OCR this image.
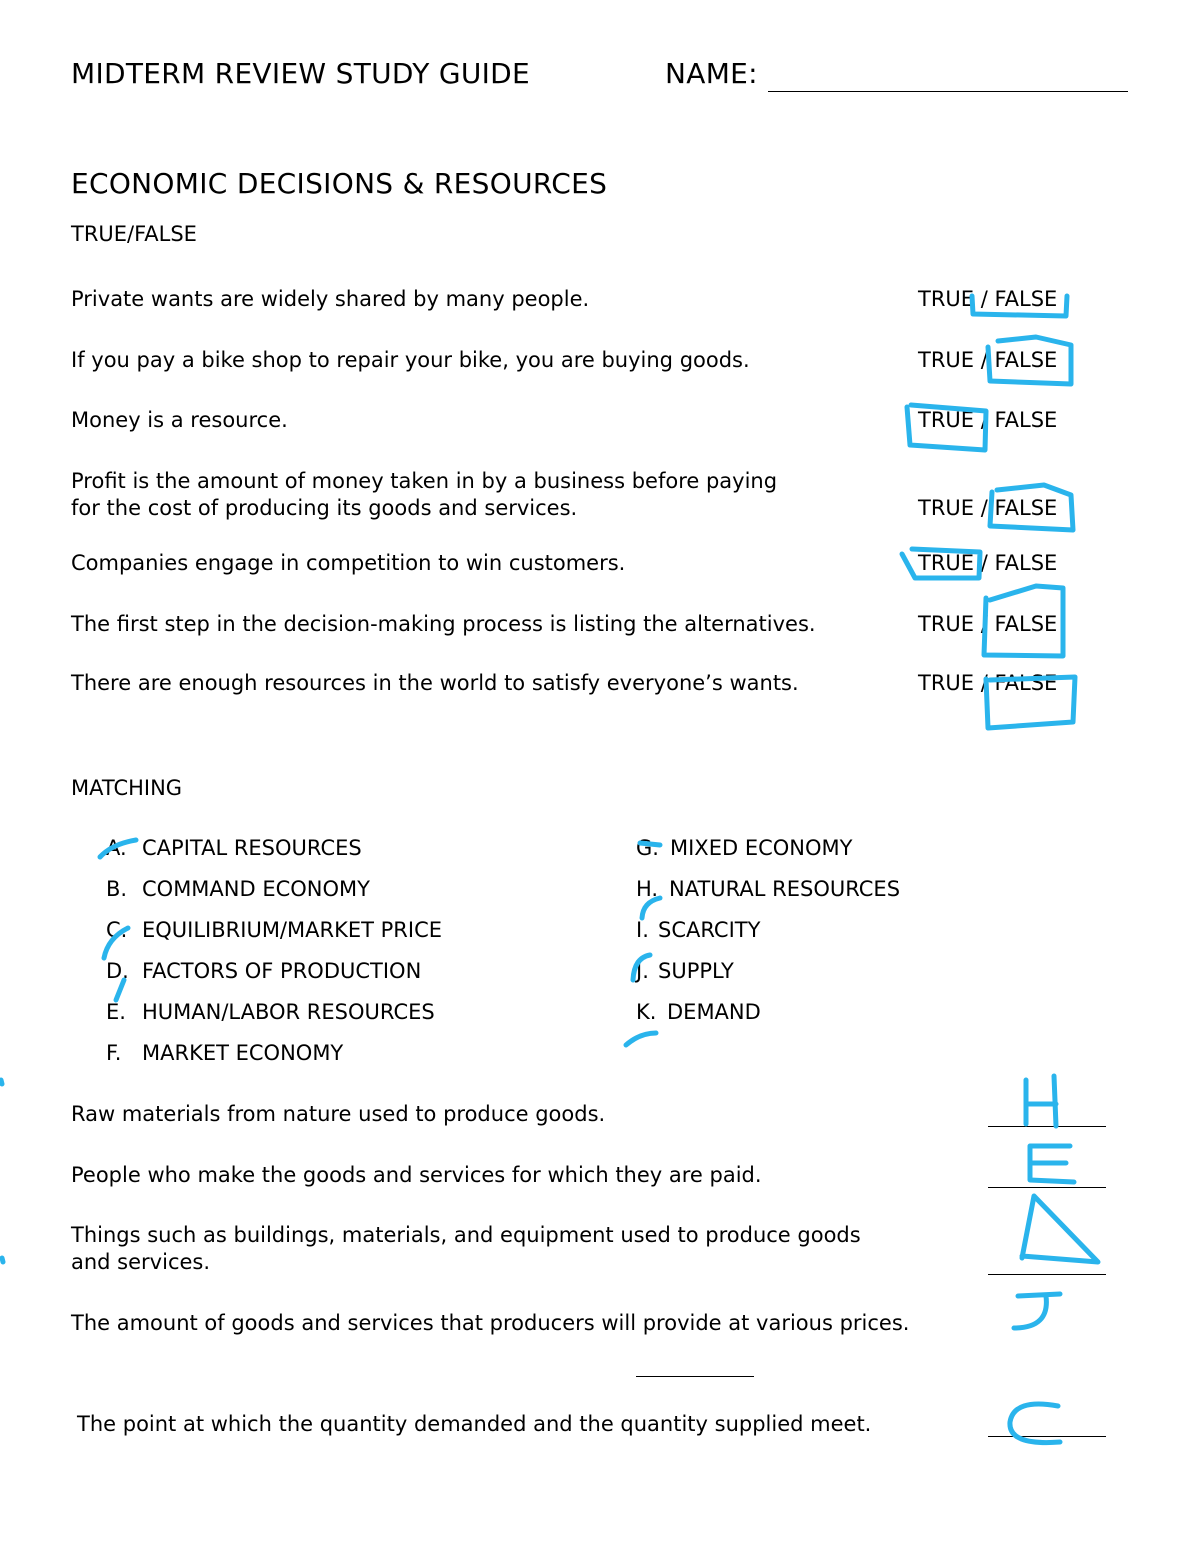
MIDTERM REVIEW STUDY GUIDE	NAME:
ECONOMIC DECISIONS & RESOURCES
TRUE/FALSE
Private wants are widely shared by many people.	TRUE / FALSE
If you pay a bike shop to repair your bike, you are buying goods.	TRUE / FALSE
Money is a resource.	TRUE / FALSE
Profit is the amount of money taken in by a business before paying
for the cost of producing its goods and services.	TRUE / FALSE
Companies engage in competition to win customers.	TRUE / FALSE
The first step in the decision-making process is listing the alternatives.	TRUE / FALSE
There are enough resources in the world to satisfy everyone’s wants.	TRUE / FALSE
MATCHING
A. CAPITAL RESOURCES
B. COMMAND ECONOMY
C. EQUILIBRIUM/MARKET PRICE
D. FACTORS OF PRODUCTION
E. HUMAN/LABOR RESOURCES
F. MARKET ECONOMY
G. MIXED ECONOMY
H. NATURAL RESOURCES
I. SCARCITY
J. SUPPLY
K. DEMAND
Raw materials from nature used to produce goods.
People who make the goods and services for which they are paid.
Things such as buildings, materials, and equipment used to produce goods
and services.
The amount of goods and services that producers will provide at various prices.
The point at which the quantity demanded and the quantity supplied meet.
